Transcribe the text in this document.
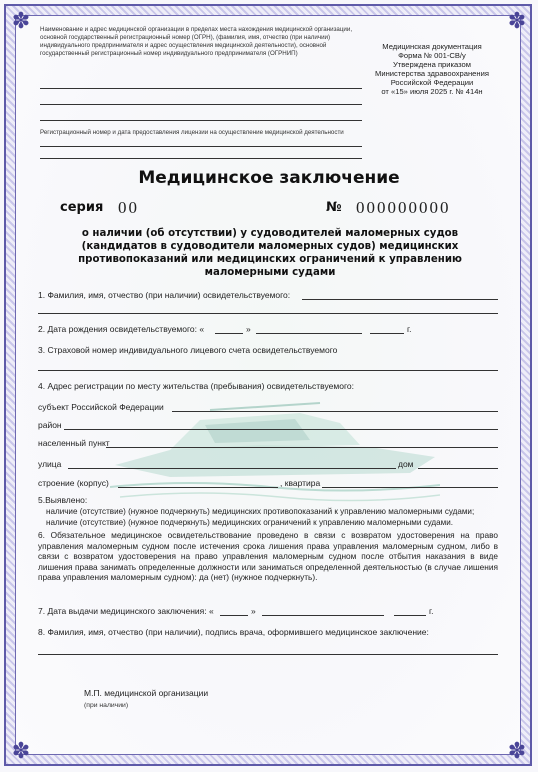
✽	✽
✽	✽
Наименование и адрес медицинской организации в пределах места нахождения медицинской организации, основной государственный регистрационный номер (ОГРН), (фамилия, имя, отчество (при наличии) индивидуального предпринимателя и адрес осуществления медицинской деятельности), основной государственный регистрационный номер индивидуального предпринимателя (ОГРНИП)
Медицинская документация
Форма № 001-СВ/у
Утверждена приказом
Министерства здравоохранения
Российской Федерации
от «15» июля 2025 г. № 414н
Регистрационный номер и дата предоставления лицензии на осуществление медицинской деятельности
Медицинское заключение
серия 00	№ 000000000
о наличии (об отсутствии) у судоводителей маломерных судов (кандидатов в судоводители маломерных судов) медицинских противопоказаний или медицинских ограничений к управлению маломерными судами
1. Фамилия, имя, отчество (при наличии) освидетельствуемого:
2. Дата рождения освидетельствуемого: «	»	г.
3. Страховой номер индивидуального лицевого счета освидетельствуемого
4. Адрес регистрации по месту жительства (пребывания) освидетельствуемого:
субъект Российской Федерации
район
населенный пункт
улица	дом
строение (корпус)	, квартира
5.Выявлено:
наличие (отсутствие) (нужное подчеркнуть) медицинских противопоказаний к управлению маломерными судами;
наличие (отсутствие) (нужное подчеркнуть) медицинских ограничений к управлению маломерными судами.
6. Обязательное медицинское освидетельствование проведено в связи с возвратом удостоверения на право управления маломерным судном после истечения срока лишения права управления маломерным судном, либо в связи с возвратом удостоверения на право управления маломерным судном после отбытия наказания в виде лишения права занимать определенные должности или заниматься определенной деятельностью (в случае лишения права управления маломерным судном): да (нет) (нужное подчеркнуть).
7. Дата выдачи медицинского заключения: «	»	г.
8. Фамилия, имя, отчество (при наличии), подпись врача, оформившего медицинское заключение:
М.П. медицинской организации
(при наличии)
